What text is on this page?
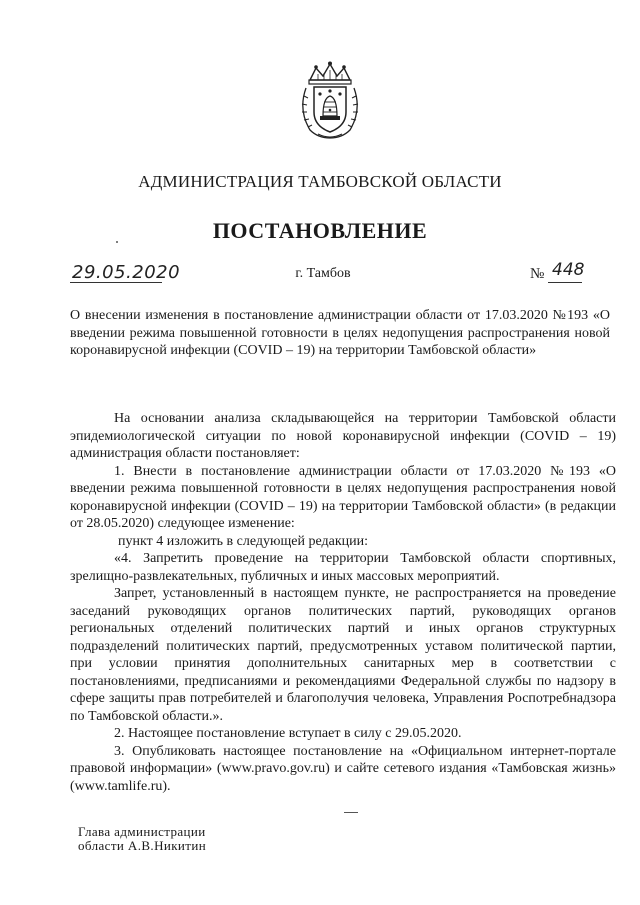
АДМИНИСТРАЦИЯ ТАМБОВСКОЙ ОБЛАСТИ
ПОСТАНОВЛЕНИЕ
29.05.2020	г. Тамбов	№ 448
О внесении изменения в постановление администрации области от 17.03.2020 №193 «О введении режима повышенной готовности в целях недопущения распространения новой коронавирусной инфекции (COVID – 19) на территории Тамбовской области»

На основании анализа складывающейся на территории Тамбовской области эпидемиологической ситуации по новой коронавирусной инфекции (COVID – 19) администрация области постановляет:

1. Внести в постановление администрации области от 17.03.2020 №193 «О введении режима повышенной готовности в целях недопущения распространения новой коронавирусной инфекции (COVID – 19) на территории Тамбовской области» (в редакции от 28.05.2020) следующее изменение:

пункт 4 изложить в следующей редакции:

«4. Запретить проведение на территории Тамбовской области спортивных, зрелищно-развлекательных, публичных и иных массовых мероприятий.

Запрет, установленный в настоящем пункте, не распространяется на проведение заседаний руководящих органов политических партий, руководящих органов региональных отделений политических партий и иных органов структурных подразделений политических партий, предусмотренных уставом политической партии, при условии принятия дополнительных санитарных мер в соответствии с постановлениями, предписаниями и рекомендациями Федеральной службы по надзору в сфере защиты прав потребителей и благополучия человека, Управления Роспотребнадзора по Тамбовской области.».

2. Настоящее постановление вступает в силу с 29.05.2020.

3. Опубликовать настоящее постановление на «Официальном интернет-портале правовой информации» (www.pravo.gov.ru) и сайте сетевого издания «Тамбовская жизнь» (www.tamlife.ru).

Глава администрации
области А.В.Никитин
